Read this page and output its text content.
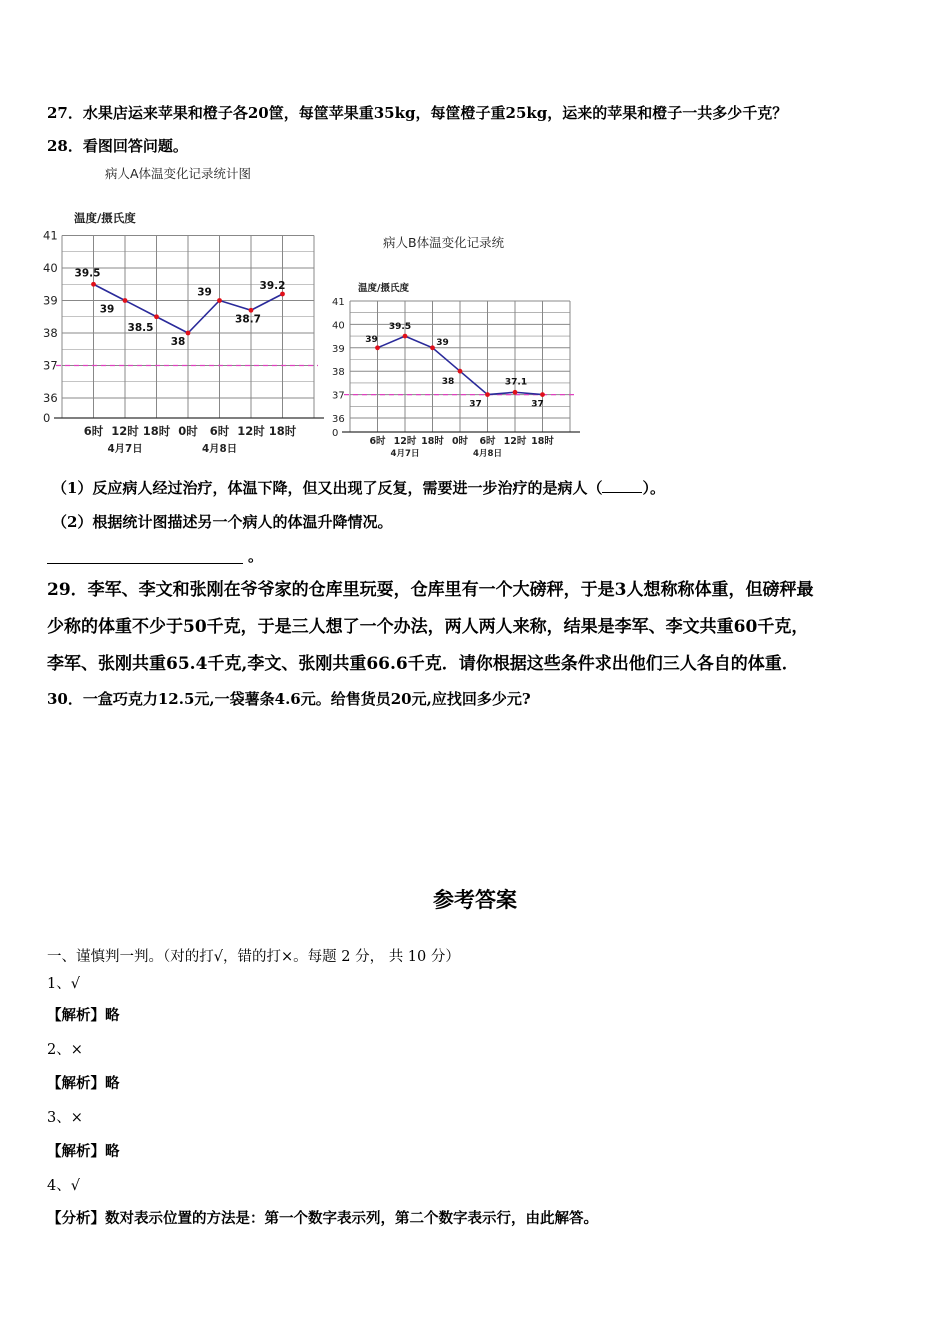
27．水果店运来苹果和橙子各20筐，每筐苹果重35kg，每筐橙子重25kg，运来的苹果和橙子一共多少千克？
28．看图回答问题。
病人A体温变化记录统计图
温度/摄氏度
0
36
37
38
39
40
41
6时 12时 18时 0时 6时 12时 18时
4月7日	4月8日
39.5
39
38.5
38
39
38.7
39.2
病人B体温变化记录统
温度/摄氏度
0
36
37
38
39
40
41
6时 12时 18时 0时 6时 12时 18时
4月7日	4月8日
39
39.5
39
38
37
37.1
37
（1）反应病人经过治疗，体温下降，但又出现了反复，需要进一步治疗的是病人（	）。
（2）根据统计图描述另一个病人的体温升降情况。
。
29．李军、李文和张刚在爷爷家的仓库里玩耍，仓库里有一个大磅秤，于是3人想称称体重，但磅秤最
少称的体重不少于50千克，于是三人想了一个办法，两人两人来称，结果是李军、李文共重60千克，
李军、张刚共重65.4千克,李文、张刚共重66.6千克．请你根据这些条件求出他们三人各自的体重．
30．一盒巧克力12.5元,一袋薯条4.6元。给售货员20元,应找回多少元?
参考答案
一、谨慎判一判。（对的打√，错的打×。每题 2 分， 共 10 分）
1、√
【解析】略
2、×
【解析】略
3、×
【解析】略
4、√
【分析】数对表示位置的方法是：第一个数字表示列，第二个数字表示行，由此解答。
